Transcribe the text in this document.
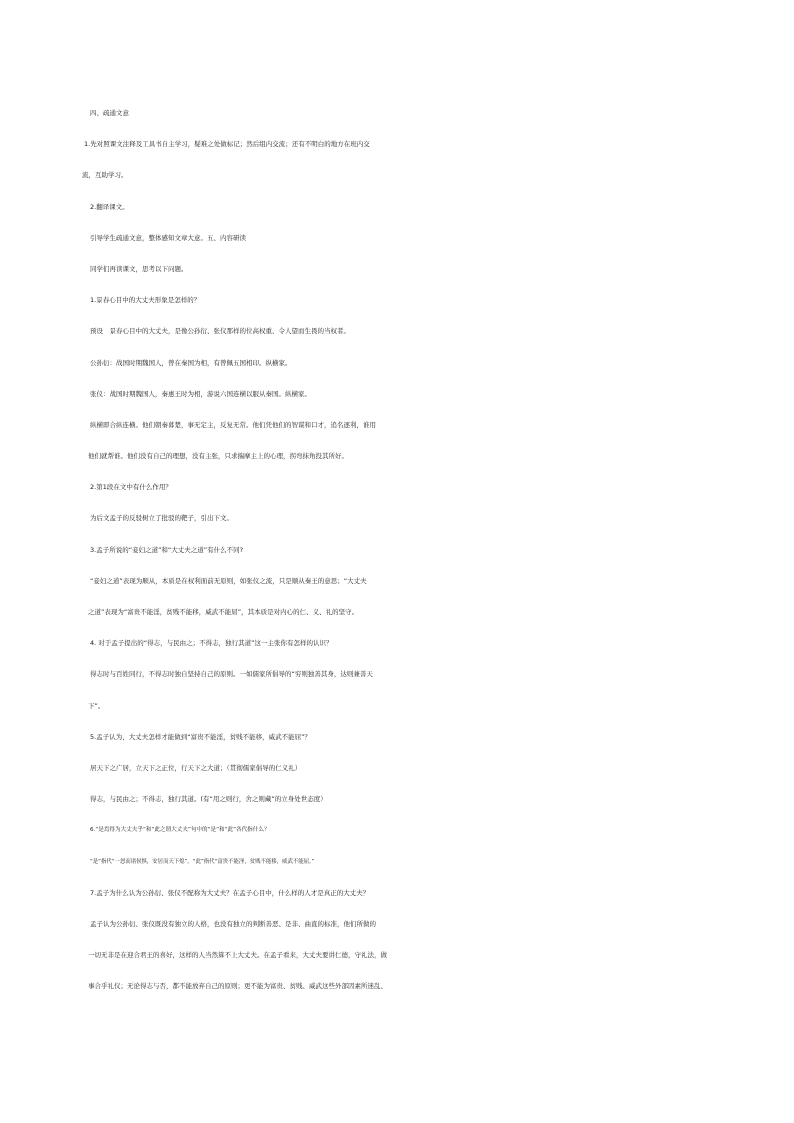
四、疏通文意

1.先对照课文注释及工具书自主学习，疑难之处做标记；然后组内交流；还有不明白的地方在班内交

流，互助学习。

2.翻译课文。

引导学生疏通文意，整体感知文章大意。五、内容研读

同学们再读课文，思考以下问题。

1.景春心目中的大丈夫形象是怎样的？

预设　景春心目中的大丈夫，是像公孙衍、张仪那样的位高权重、令人望而生畏的当权者。

公孙衍：战国时期魏国人，曾在秦国为相，有曾佩五国相印。纵横家。

张仪：战国时期魏国人，秦惠王时为相，游说六国连横以服从秦国。纵横家。

纵横即合纵连横。他们朝秦暮楚，事无定主，反复无常。他们凭他们的智谋和口才，追名逐利，谁用

他们就帮谁。他们没有自己的理想，没有主张，只求揣摩主上的心理，拐弯抹角投其所好。

2.第1段在文中有什么作用？

为后文孟子的反驳树立了批驳的靶子，引出下文。

3.孟子所说的“妾妇之道”和“大丈夫之道”有什么不同?

“妾妇之道”表现为顺从，本质是在权利面前无原则，如张仪之流，只是顺从秦王的意思；“大丈夫

之道”表现为“富贵不能淫，贫贱不能移，威武不能屈”，其本质是对内心的仁、义、礼的坚守。

4. 对于孟子提出的“得志，与民由之；不得志，独行其道”这一主张你有怎样的认识？

得志时与百姓同行，不得志时独自坚持自己的原则。一如儒家所倡导的“穷则独善其身，达则兼善天

下”。

5.孟子认为，大丈夫怎样才能做到“富贵不能淫，贫贱不能移，威武不能屈”？

居天下之广居，立天下之正位，行天下之大道；（贯彻儒家倡导的仁义礼）

得志，与民由之；不得志，独行其道。(有“用之则行，舍之则藏”的立身处世态度）

6.“是焉得为大丈夫乎”和“此之谓大丈夫”句中的“是”和“此”各代指什么？

“是”指代“一怒而诸侯惧，安居而天下熄”。“此”指代“富贵不能淫，贫贱不能移，威武不能屈。”

7.孟子为什么认为公孙衍、张仪不配称为大丈夫？在孟子心目中，什么样的人才是真正的大丈夫？

孟子认为公孙衍、张仪既没有独立的人格，也没有独立的判断善恶、是非、曲直的标准，他们所做的

一切无非是在迎合君王的喜好，这样的人当然算不上大丈夫。在孟子看来，大丈夫要讲仁德，守礼法，做

事合乎礼仪；无论得志与否，都不能放弃自己的原则；更不能为富贵、贫贱、威武这些外部因素所迷乱、
